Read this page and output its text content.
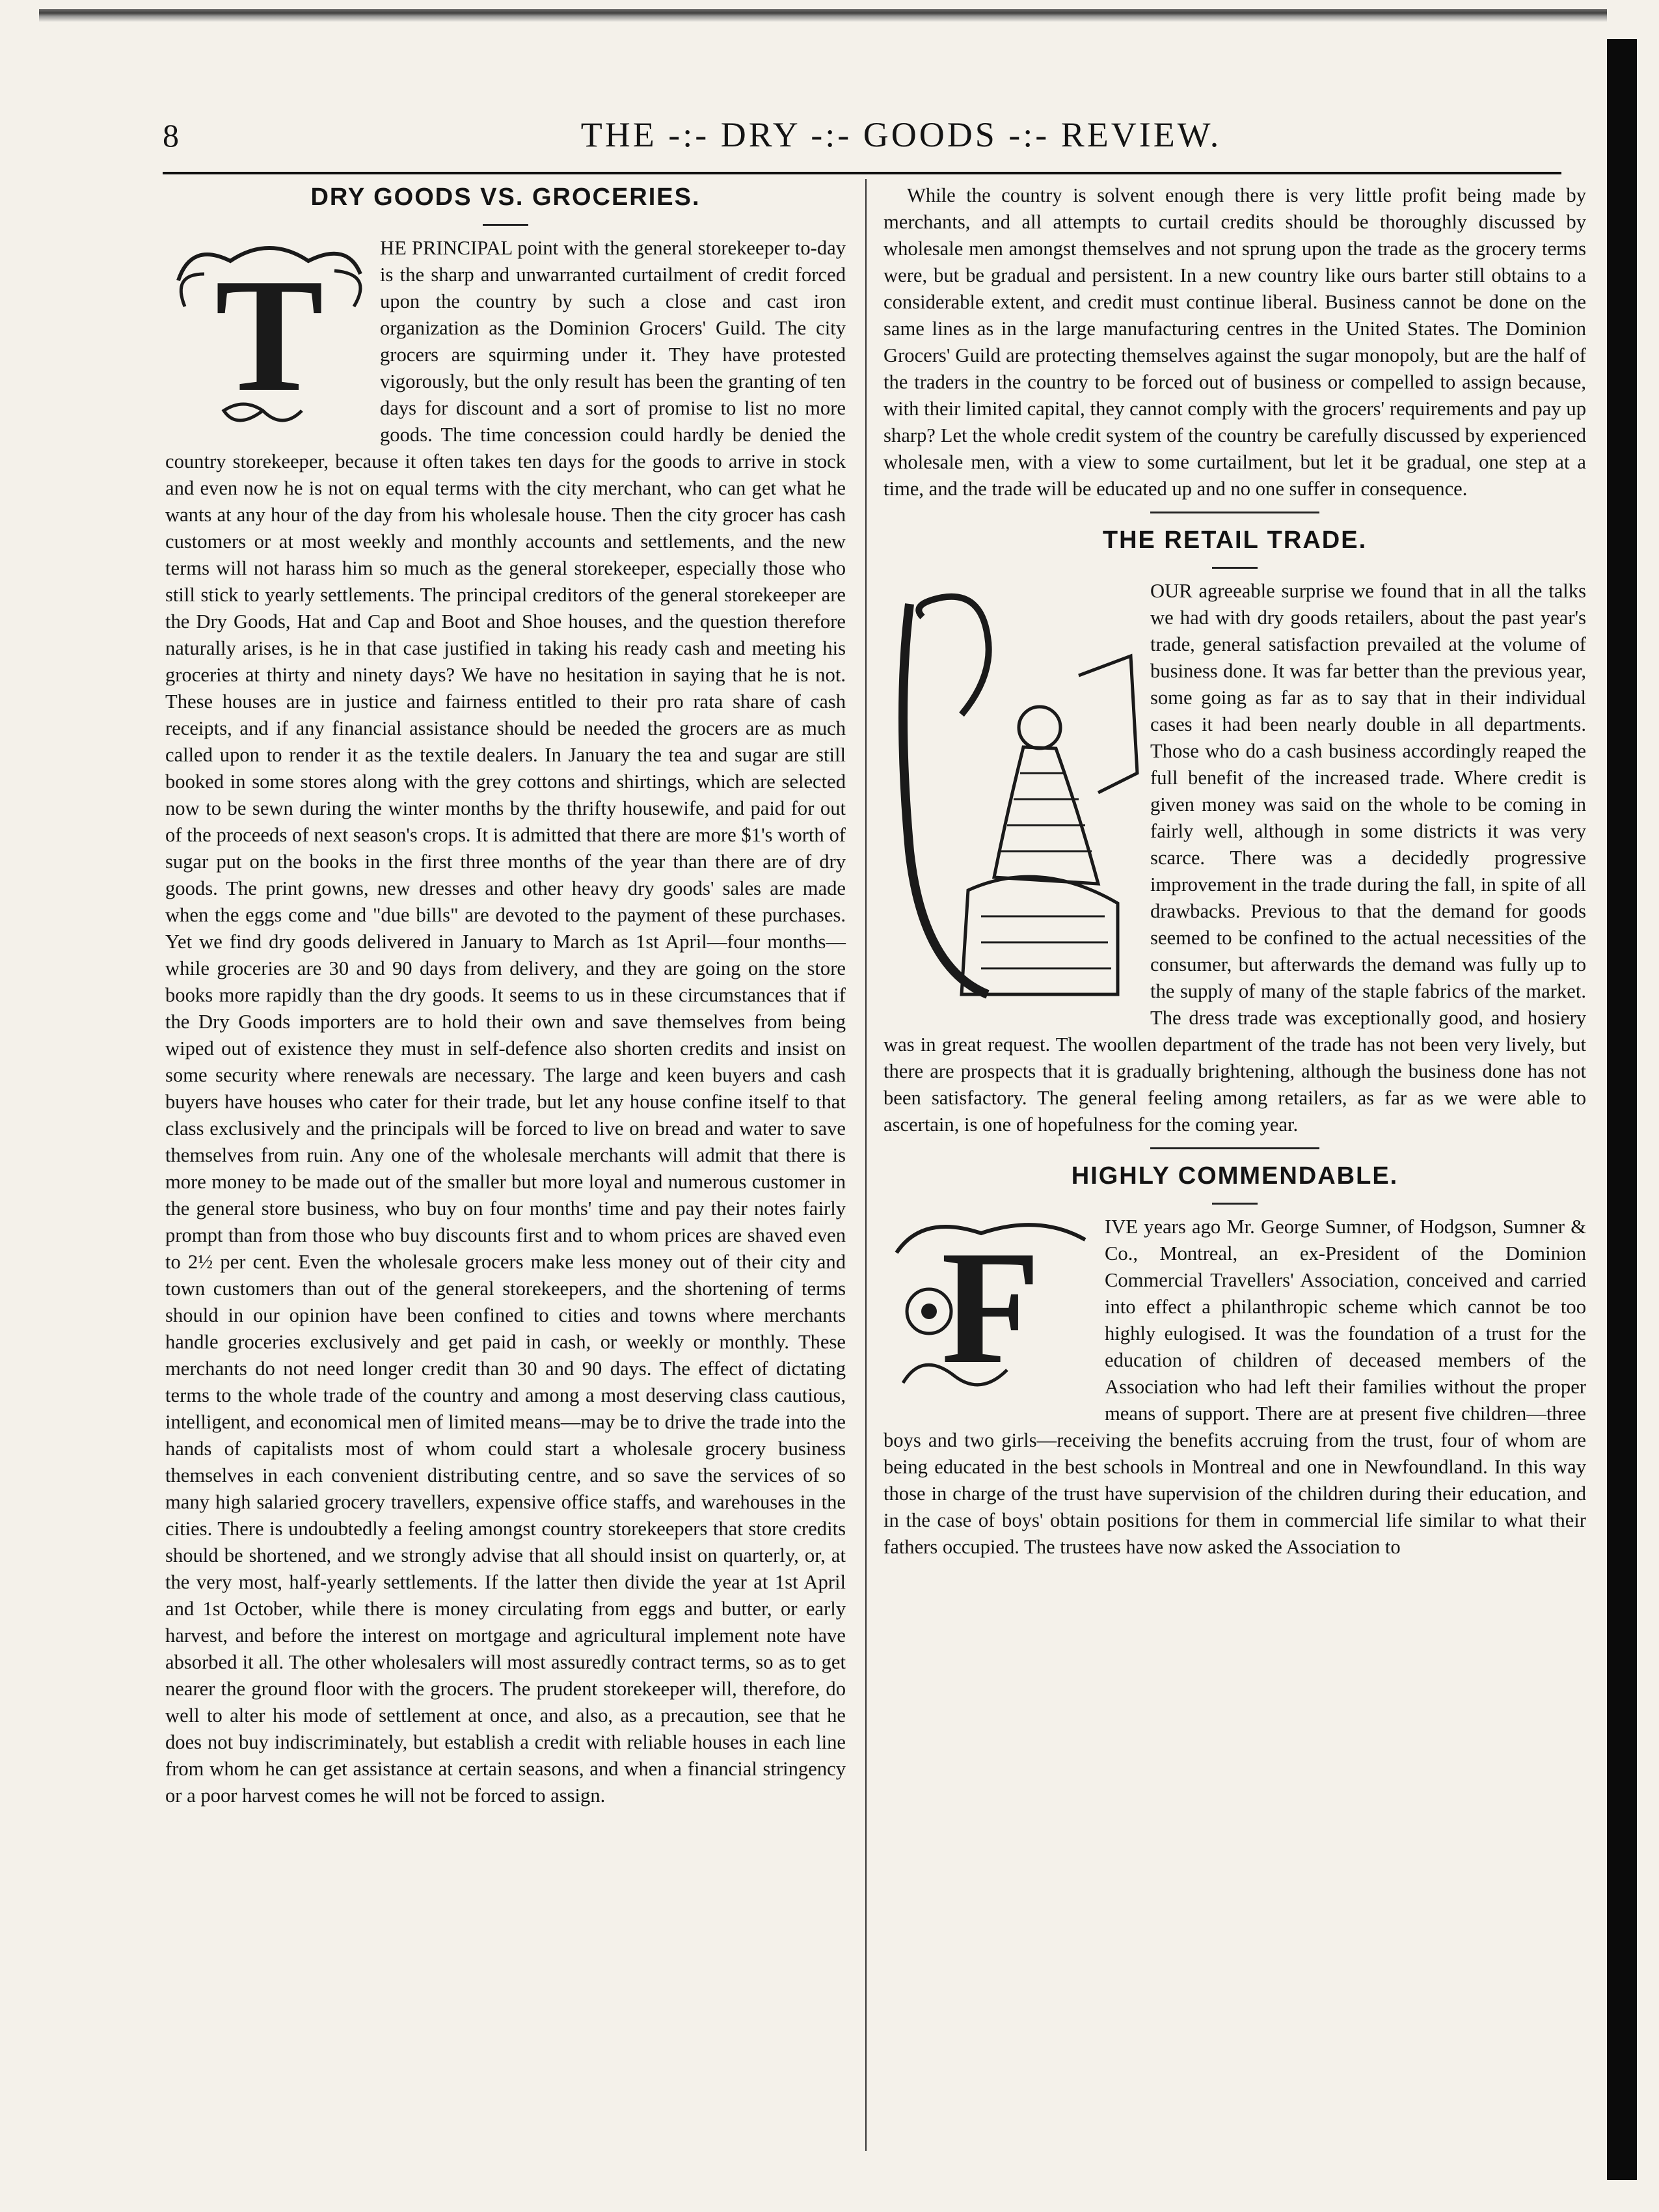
8	THE -:- DRY -:- GOODS -:- REVIEW.
DRY GOODS VS. GROCERIES.
T	HE PRINCIPAL point with the general storekeeper to-day is the sharp and unwarranted curtailment of credit forced upon the country by such a close and cast iron organization as the Dominion Grocers' Guild. The city grocers are squirming under it. They have protested vigorously, but the only result has been the granting of ten days for discount and a sort of promise to list no more goods. The time concession could hardly be denied the country storekeeper, because it often takes ten days for the goods to arrive in stock and even now he is not on equal terms with the city merchant, who can get what he wants at any hour of the day from his wholesale house. Then the city grocer has cash customers or at most weekly and monthly accounts and settlements, and the new terms will not harass him so much as the general storekeeper, especially those who still stick to yearly settlements. The principal creditors of the general storekeeper are the Dry Goods, Hat and Cap and Boot and Shoe houses, and the question therefore naturally arises, is he in that case justified in taking his ready cash and meeting his groceries at thirty and ninety days? We have no hesitation in saying that he is not. These houses are in justice and fairness entitled to their pro rata share of cash receipts, and if any financial assistance should be needed the grocers are as much called upon to render it as the textile dealers. In January the tea and sugar are still booked in some stores along with the grey cottons and shirtings, which are selected now to be sewn during the winter months by the thrifty housewife, and paid for out of the proceeds of next season's crops. It is admitted that there are more $1's worth of sugar put on the books in the first three months of the year than there are of dry goods. The print gowns, new dresses and other heavy dry goods' sales are made when the eggs come and "due bills" are devoted to the payment of these purchases. Yet we find dry goods delivered in January to March as 1st April—four months—while groceries are 30 and 90 days from delivery, and they are going on the store books more rapidly than the dry goods. It seems to us in these circumstances that if the Dry Goods importers are to hold their own and save themselves from being wiped out of existence they must in self-defence also shorten credits and insist on some security where renewals are necessary. The large and keen buyers and cash buyers have houses who cater for their trade, but let any house confine itself to that class exclusively and the principals will be forced to live on bread and water to save themselves from ruin. Any one of the wholesale merchants will admit that there is more money to be made out of the smaller but more loyal and numerous customer in the general store business, who buy on four months' time and pay their notes fairly prompt than from those who buy discounts first and to whom prices are shaved even to 2½ per cent. Even the wholesale grocers make less money out of their city and town customers than out of the general storekeepers, and the shortening of terms should in our opinion have been confined to cities and towns where merchants handle groceries exclusively and get paid in cash, or weekly or monthly. These merchants do not need longer credit than 30 and 90 days. The effect of dictating terms to the whole trade of the country and among a most deserving class cautious, intelligent, and economical men of limited means—may be to drive the trade into the hands of capitalists most of whom could start a wholesale grocery business themselves in each convenient distributing centre, and so save the services of so many high salaried grocery travellers, expensive office staffs, and warehouses in the cities. There is undoubtedly a feeling amongst country storekeepers that store credits should be shortened, and we strongly advise that all should insist on quarterly, or, at the very most, half-yearly settlements. If the latter then divide the year at 1st April and 1st October, while there is money circulating from eggs and butter, or early harvest, and before the interest on mortgage and agricultural implement note have absorbed it all. The other wholesalers will most assuredly contract terms, so as to get nearer the ground floor with the grocers. The prudent storekeeper will, therefore, do well to alter his mode of settlement at once, and also, as a precaution, see that he does not buy indiscriminately, but establish a credit with reliable houses in each line from whom he can get assistance at certain seasons, and when a financial stringency or a poor harvest comes he will not be forced to assign.

While the country is solvent enough there is very little profit being made by merchants, and all attempts to curtail credits should be thoroughly discussed by wholesale men amongst themselves and not sprung upon the trade as the grocery terms were, but be gradual and persistent. In a new country like ours barter still obtains to a considerable extent, and credit must continue liberal. Business cannot be done on the same lines as in the large manufacturing centres in the United States. The Dominion Grocers' Guild are protecting themselves against the sugar monopoly, but are the half of the traders in the country to be forced out of business or compelled to assign because, with their limited capital, they cannot comply with the grocers' requirements and pay up sharp? Let the whole credit system of the country be carefully discussed by experienced wholesale men, with a view to some curtailment, but let it be gradual, one step at a time, and the trade will be educated up and no one suffer in consequence.

THE RETAIL TRADE.

OUR agreeable surprise we found that in all the talks we had with dry goods retailers, about the past year's trade, general satisfaction prevailed at the volume of business done. It was far better than the previous year, some going as far as to say that in their individual cases it had been nearly double in all departments. Those who do a cash business accordingly reaped the full benefit of the increased trade. Where credit is given money was said on the whole to be coming in fairly well, although in some districts it was very scarce. There was a decidedly progressive improvement in the trade during the fall, in spite of all drawbacks. Previous to that the demand for goods seemed to be confined to the actual necessities of the consumer, but afterwards the demand was fully up to the supply of many of the staple fabrics of the market. The dress trade was exceptionally good, and hosiery was in great request. The woollen department of the trade has not been very lively, but there are prospects that it is gradually brightening, although the business done has not been satisfactory. The general feeling among retailers, as far as we were able to ascertain, is one of hopefulness for the coming year.

HIGHLY COMMENDABLE.
F	IVE years ago Mr. George Sumner, of Hodgson, Sumner & Co., Montreal, an ex-President of the Dominion Commercial Travellers' Association, conceived and carried into effect a philanthropic scheme which cannot be too highly eulogised. It was the foundation of a trust for the education of children of deceased members of the Association who had left their families without the proper means of support. There are at present five children—three boys and two girls—receiving the benefits accruing from the trust, four of whom are being educated in the best schools in Montreal and one in Newfoundland. In this way those in charge of the trust have supervision of the children during their education, and in the case of boys' obtain positions for them in commercial life similar to what their fathers occupied. The trustees have now asked the Association to
